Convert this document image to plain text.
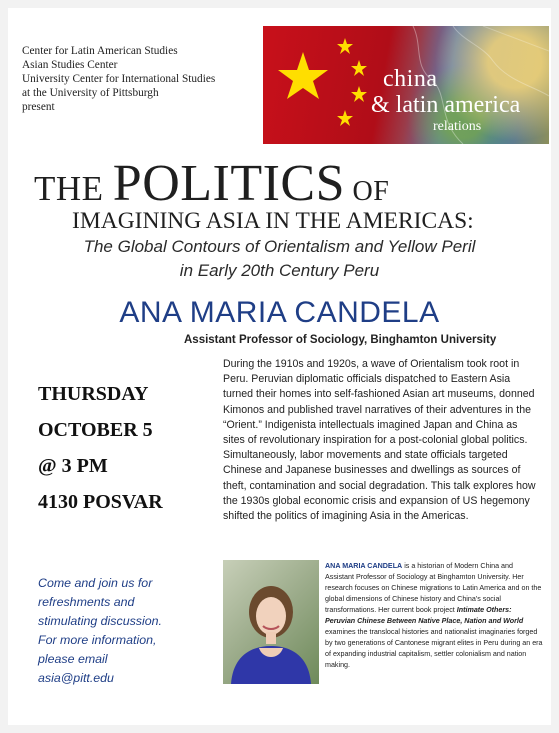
Center for Latin American Studies
Asian Studies Center
University Center for International Studies
at the University of Pittsburgh
present
china
& latin america
relations
THE POLITICS OF
IMAGINING ASIA IN THE AMERICAS:
The Global Contours of Orientalism and Yellow Peril
in Early 20th Century Peru
ANA MARIA CANDELA
Assistant Professor of Sociology, Binghamton University
THURSDAY
OCTOBER 5
@ 3 PM
4130 POSVAR
During the 1910s and 1920s, a wave of Orientalism took root in Peru. Peruvian diplomatic officials dispatched to Eastern Asia turned their homes into self-fashioned Asian art museums, donned Kimonos and published travel narratives of their adventures in the “Orient.” Indigenista intellectuals imagined Japan and China as sites of revolutionary inspiration for a post-colonial global politics. Simultaneously, labor movements and state officials targeted Chinese and Japanese businesses and dwellings as sources of theft, contamination and social degradation. This talk explores how the 1930s global economic crisis and expansion of US hegemony shifted the politics of imagining Asia in the Americas.
Come and join us for
refreshments and
stimulating discussion.
For more information,
please email
asia@pitt.edu
ANA MARIA CANDELA is a historian of Modern China and Assistant Professor of Sociology at Binghamton University. Her research focuses on Chinese migrations to Latin America and on the global dimensions of Chinese history and China's social transformations. Her current book project Intimate Others: Peruvian Chinese Between Native Place, Nation and World examines the translocal histories and nationalist imaginaries forged by two generations of Cantonese migrant elites in Peru during an era of expanding industrial capitalism, settler colonialism and nation making.
